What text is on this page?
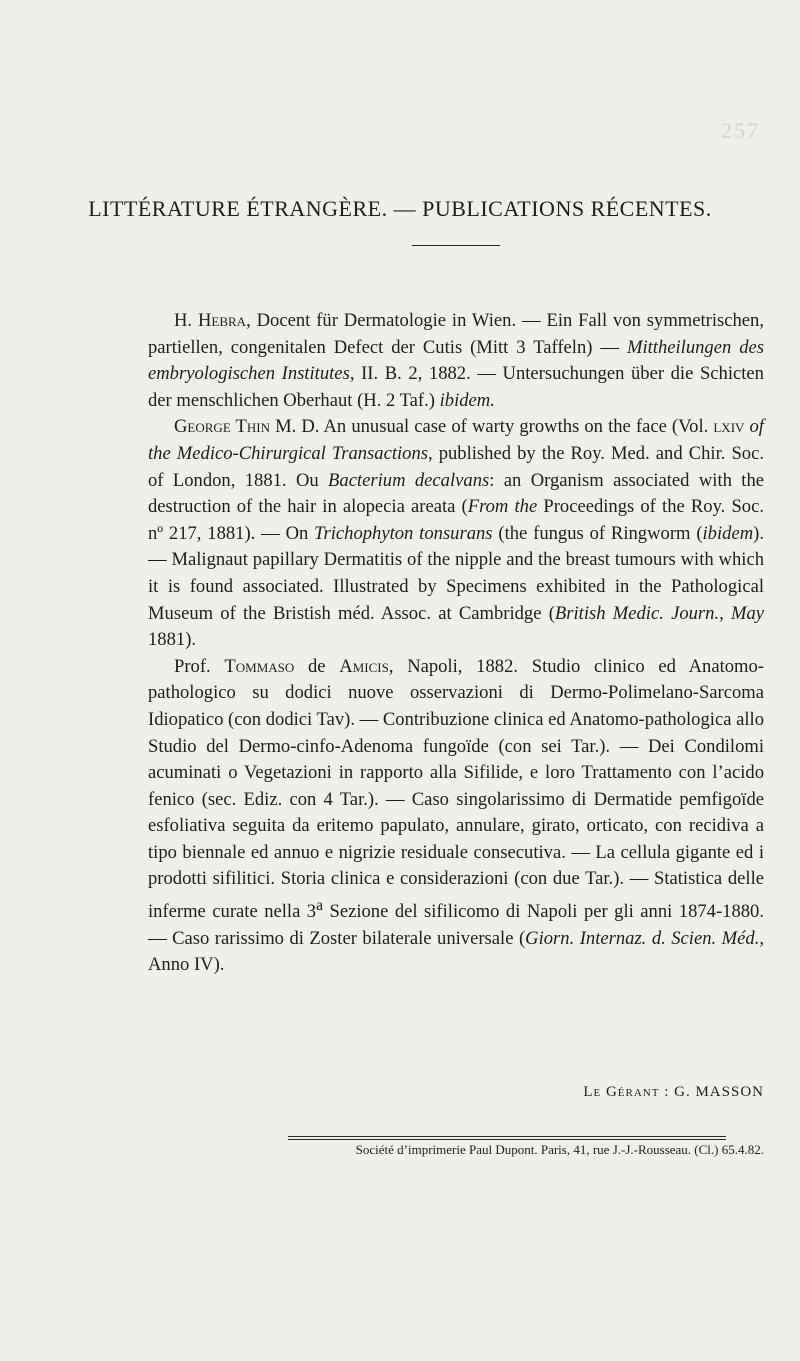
257
LITTÉRATURE ÉTRANGÈRE. — PUBLICATIONS RÉCENTES.

H. Hebra, Docent für Dermatologie in Wien. — Ein Fall von symmetrischen, partiellen, congenitalen Defect der Cutis (Mitt 3 Taffeln) — Mittheilungen des embryologischen Institutes, II. B. 2, 1882. — Untersuchungen über die Schicten der menschlichen Oberhaut (H. 2 Taf.) ibidem.

George Thin M. D. An unusual case of warty growths on the face (Vol. lxiv of the Medico-Chirurgical Transactions, published by the Roy. Med. and Chir. Soc. of London, 1881. Ou Bacterium decalvans: an Organism associated with the destruction of the hair in alopecia areata (From the Proceedings of the Roy. Soc. nº 217, 1881). — On Trichophyton tonsurans (the fungus of Ringworm (ibidem). — Malignaut papillary Dermatitis of the nipple and the breast tumours with which it is found associated. Illustrated by Specimens exhibited in the Pathological Museum of the Bristish méd. Assoc. at Cambridge (British Medic. Journ., May 1881).

Prof. Tommaso de Amicis, Napoli, 1882. Studio clinico ed Anatomo-pathologico su dodici nuove osservazioni di Dermo-Polimelano-Sarcoma Idiopatico (con dodici Tav). — Contribuzione clinica ed Anatomo-pathologica allo Studio del Dermo-cinfo-Adenoma fungoïde (con sei Tar.). — Dei Condilomi acuminati o Vegetazioni in rapporto alla Sifilide, e loro Trattamento con l’acido fenico (sec. Ediz. con 4 Tar.). — Caso singolarissimo di Dermatide pemfigoïde esfoliativa seguita da eritemo papulato, annulare, girato, orticato, con recidiva a tipo biennale ed annuo e nigrizie residuale consecutiva. — La cellula gigante ed i prodotti sifilitici. Storia clinica e considerazioni (con due Tar.). — Statistica delle inferme curate nella 3$^a$ Sezione del sifilicomo di Napoli per gli anni 1874-1880. — Caso rarissimo di Zoster bilaterale universale (Giorn. Internaz. d. Scien. Méd., Anno IV).

Le Gérant : G. MASSON
Société d’imprimerie Paul Dupont. Paris, 41, rue J.-J.-Rousseau. (Cl.) 65.4.82.
